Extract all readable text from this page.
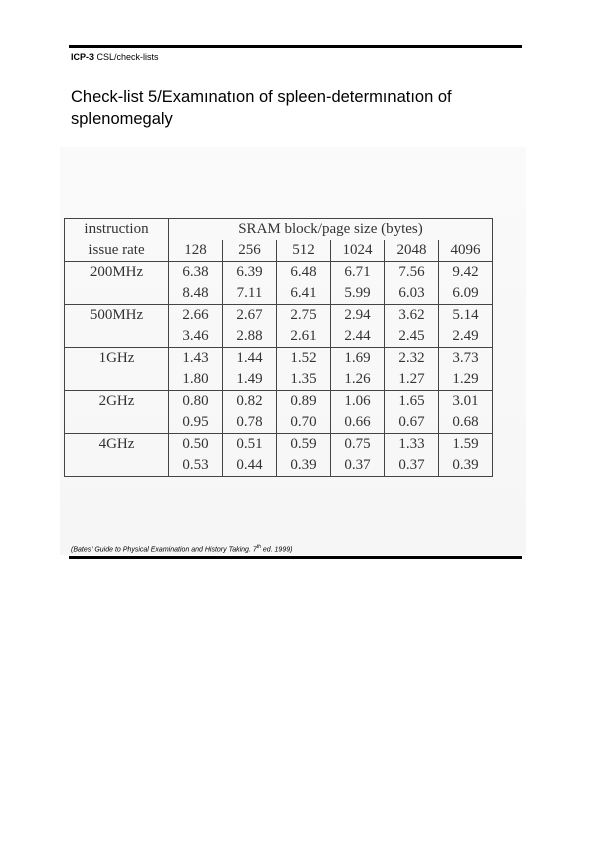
ICP-3 CSL/check-lists
Check-list 5/Examınatıon of spleen-determınatıon of splenomegaly
instruction	SRAM block/page size (bytes)					
issue rate	128	256	512	1024	2048	4096
200MHz	6.38	6.39	6.48	6.71	7.56	9.42
	8.48	7.11	6.41	5.99	6.03	6.09
500MHz	2.66	2.67	2.75	2.94	3.62	5.14
	3.46	2.88	2.61	2.44	2.45	2.49
1GHz	1.43	1.44	1.52	1.69	2.32	3.73
	1.80	1.49	1.35	1.26	1.27	1.29
2GHz	0.80	0.82	0.89	1.06	1.65	3.01
	0.95	0.78	0.70	0.66	0.67	0.68
4GHz	0.50	0.51	0.59	0.75	1.33	1.59
	0.53	0.44	0.39	0.37	0.37	0.39
(Bates’ Guide to Physical Examination and History Taking. 7th ed. 1999)
